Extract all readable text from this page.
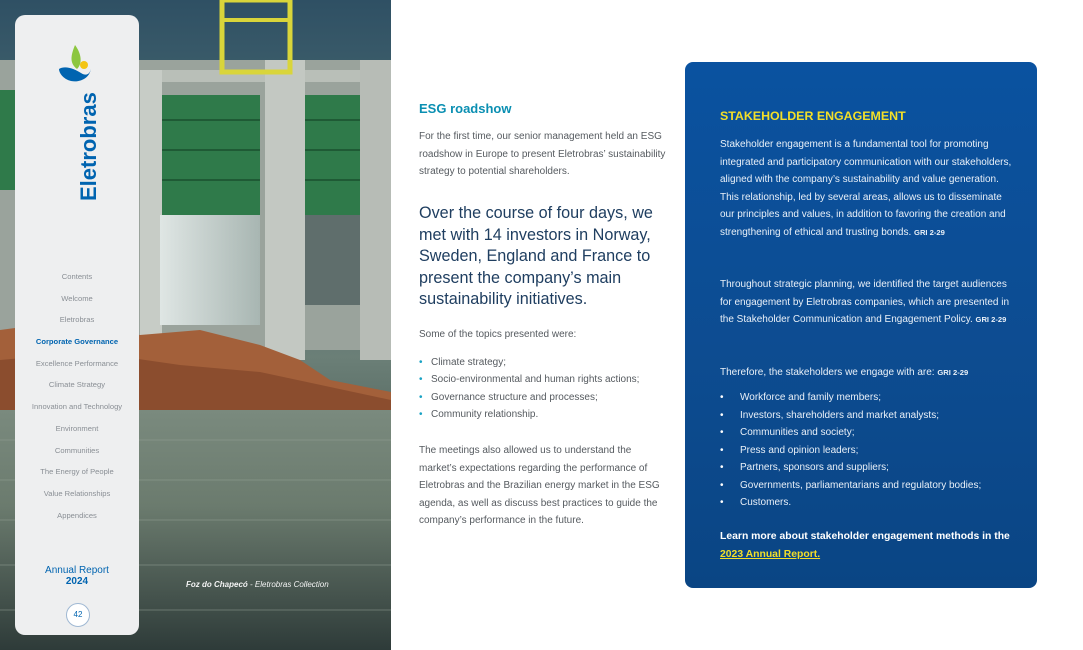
Foz do Chapecó - Eletrobras Collection
Eletrobras
Contents
Welcome
Eletrobras
Corporate Governance
Excellence Performance
Climate Strategy
Innovation and Technology
Environment
Communities
The Energy of People
Value Relationships
Appendices
Annual Report
2024
42
ESG roadshow

For the first time, our senior management held an ESG roadshow in Europe to present Eletrobras’ sustainability strategy to potential shareholders.

Over the course of four days, we met with 14 investors in Norway, Sweden, England and France to present the company’s main sustainability initiatives.

Some of the topics presented were:

• Climate strategy;
• Socio-environmental and human rights actions;
• Governance structure and processes;
• Community relationship.

The meetings also allowed us to understand the market’s expectations regarding the performance of Eletrobras and the Brazilian energy market in the ESG agenda, as well as discuss best practices to guide the company’s performance in the future.

STAKEHOLDER ENGAGEMENT

Stakeholder engagement is a fundamental tool for promoting integrated and participatory communication with our stakeholders, aligned with the company’s sustainability and value generation. This relationship, led by several areas, allows us to disseminate our principles and values, in addition to favoring the creation and strengthening of ethical and trusting bonds. GRI 2-29

Throughout strategic planning, we identified the target audiences for engagement by Eletrobras companies, which are presented in the Stakeholder Communication and Engagement Policy. GRI 2-29

Therefore, the stakeholders we engage with are: GRI 2-29

• Workforce and family members;
• Investors, shareholders and market analysts;
• Communities and society;
• Press and opinion leaders;
• Partners, sponsors and suppliers;
• Governments, parliamentarians and regulatory bodies;
• Customers.

Learn more about stakeholder engagement methods in the 2023 Annual Report.
